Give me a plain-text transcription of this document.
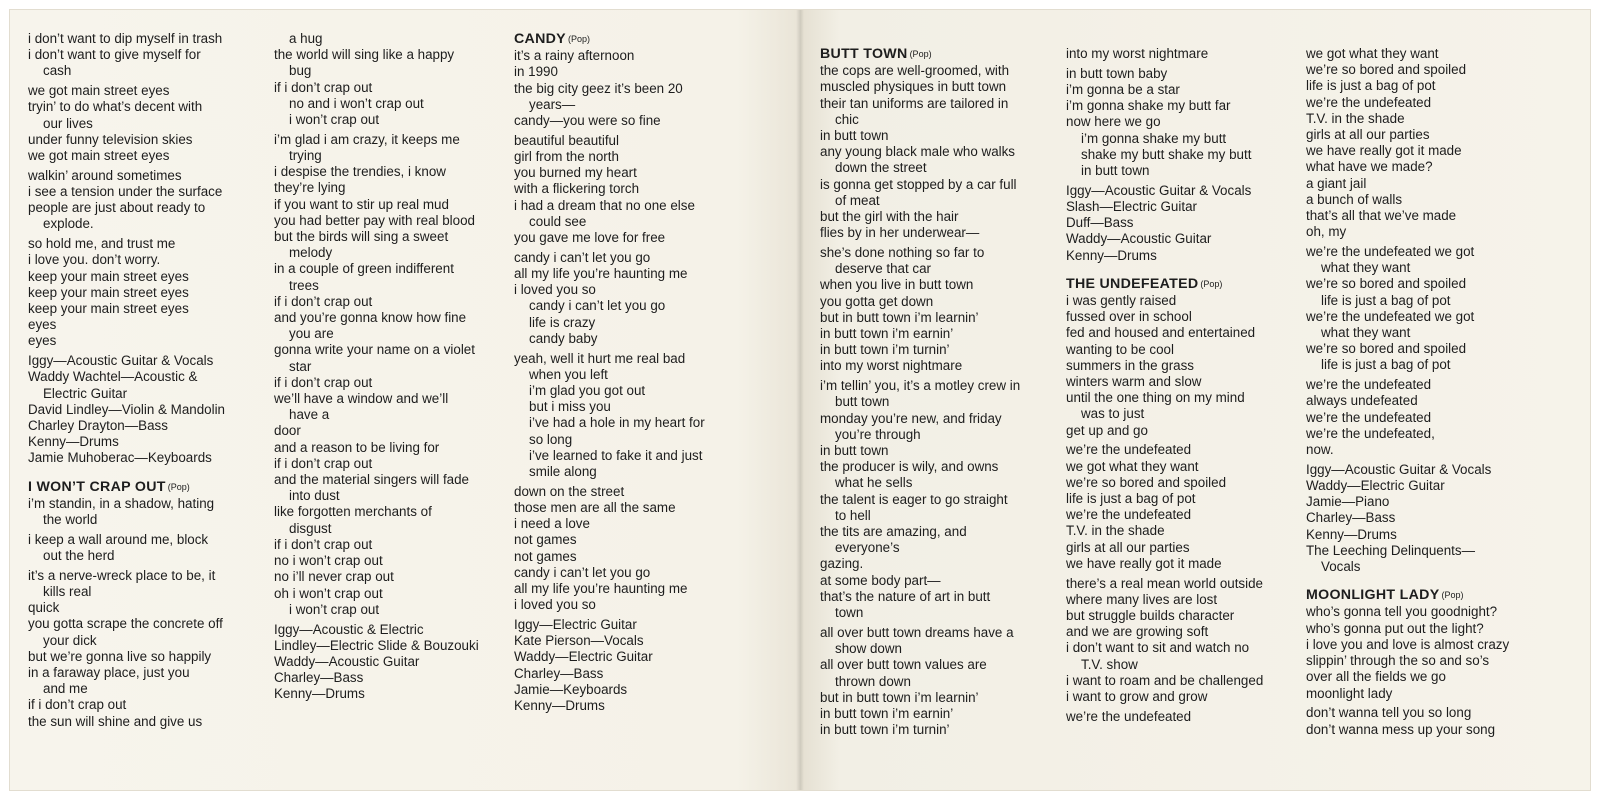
i don’t want to dip myself in trash
i don’t want to give myself for
cash
we got main street eyes
tryin’ to do what’s decent with
our lives
under funny television skies
we got main street eyes
walkin’ around sometimes
i see a tension under the surface
people are just about ready to
explode.
so hold me, and trust me
i love you. don’t worry.
keep your main street eyes
keep your main street eyes
keep your main street eyes
eyes
eyes
Iggy—Acoustic Guitar & Vocals
Waddy Wachtel—Acoustic &
Electric Guitar
David Lindley—Violin & Mandolin
Charley Drayton—Bass
Kenny—Drums
Jamie Muhoberac—Keyboards
I WON’T CRAP OUT (Pop)
i’m standin, in a shadow, hating
the world
i keep a wall around me, block
out the herd
it’s a nerve-wreck place to be, it
kills real
quick
you gotta scrape the concrete off
your dick
but we’re gonna live so happily
in a faraway place, just you
and me
if i don’t crap out
the sun will shine and give us
a hug
the world will sing like a happy
bug
if i don’t crap out
no and i won’t crap out
i won’t crap out
i’m glad i am crazy, it keeps me
trying
i despise the trendies, i know
they’re lying
if you want to stir up real mud
you had better pay with real blood
but the birds will sing a sweet
melody
in a couple of green indifferent
trees
if i don’t crap out
and you’re gonna know how fine
you are
gonna write your name on a violet
star
if i don’t crap out
we’ll have a window and we’ll
have a
door
and a reason to be living for
if i don’t crap out
and the material singers will fade
into dust
like forgotten merchants of
disgust
if i don’t crap out
no i won’t crap out
no i’ll never crap out
oh i won’t crap out
i won’t crap out
Iggy—Acoustic & Electric
Lindley—Electric Slide & Bouzouki
Waddy—Acoustic Guitar
Charley—Bass
Kenny—Drums
CANDY (Pop)
it’s a rainy afternoon
in 1990
the big city geez it’s been 20
years—
candy—you were so fine
beautiful beautiful
girl from the north
you burned my heart
with a flickering torch
i had a dream that no one else
could see
you gave me love for free
candy i can’t let you go
all my life you’re haunting me
i loved you so
candy i can’t let you go
life is crazy
candy baby
yeah, well it hurt me real bad
when you left
i’m glad you got out
but i miss you
i’ve had a hole in my heart for
so long
i’ve learned to fake it and just
smile along
down on the street
those men are all the same
i need a love
not games
not games
candy i can’t let you go
all my life you’re haunting me
i loved you so
Iggy—Electric Guitar
Kate Pierson—Vocals
Waddy—Electric Guitar
Charley—Bass
Jamie—Keyboards
Kenny—Drums
BUTT TOWN (Pop)
the cops are well-groomed, with
muscled physiques in butt town
their tan uniforms are tailored in
chic
in butt town
any young black male who walks
down the street
is gonna get stopped by a car full
of meat
but the girl with the hair
flies by in her underwear—
she’s done nothing so far to
deserve that car
when you live in butt town
you gotta get down
but in butt town i’m learnin’
in butt town i’m earnin’
in butt town i’m turnin’
into my worst nightmare
i’m tellin’ you, it’s a motley crew in
butt town
monday you’re new, and friday
you’re through
in butt town
the producer is wily, and owns
what he sells
the talent is eager to go straight
to hell
the tits are amazing, and
everyone’s
gazing.
at some body part—
that’s the nature of art in butt
town
all over butt town dreams have a
show down
all over butt town values are
thrown down
but in butt town i’m learnin’
in butt town i’m earnin’
in butt town i’m turnin’
into my worst nightmare
in butt town baby
i’m gonna be a star
i’m gonna shake my butt far
now here we go
i’m gonna shake my butt
shake my butt shake my butt
in butt town
Iggy—Acoustic Guitar & Vocals
Slash—Electric Guitar
Duff—Bass
Waddy—Acoustic Guitar
Kenny—Drums
THE UNDEFEATED (Pop)
i was gently raised
fussed over in school
fed and housed and entertained
wanting to be cool
summers in the grass
winters warm and slow
until the one thing on my mind
was to just
get up and go
we’re the undefeated
we got what they want
we’re so bored and spoiled
life is just a bag of pot
we’re the undefeated
T.V. in the shade
girls at all our parties
we have really got it made
there’s a real mean world outside
where many lives are lost
but struggle builds character
and we are growing soft
i don’t want to sit and watch no
T.V. show
i want to roam and be challenged
i want to grow and grow
we’re the undefeated
we got what they want
we’re so bored and spoiled
life is just a bag of pot
we’re the undefeated
T.V. in the shade
girls at all our parties
we have really got it made
what have we made?
a giant jail
a bunch of walls
that’s all that we’ve made
oh, my
we’re the undefeated we got
what they want
we’re so bored and spoiled
life is just a bag of pot
we’re the undefeated we got
what they want
we’re so bored and spoiled
life is just a bag of pot
we’re the undefeated
always undefeated
we’re the undefeated
we’re the undefeated,
now.
Iggy—Acoustic Guitar & Vocals
Waddy—Electric Guitar
Jamie—Piano
Charley—Bass
Kenny—Drums
The Leeching Delinquents—
Vocals
MOONLIGHT LADY (Pop)
who’s gonna tell you goodnight?
who’s gonna put out the light?
i love you and love is almost crazy
slippin’ through the so and so’s
over all the fields we go
moonlight lady
don’t wanna tell you so long
don’t wanna mess up your song
